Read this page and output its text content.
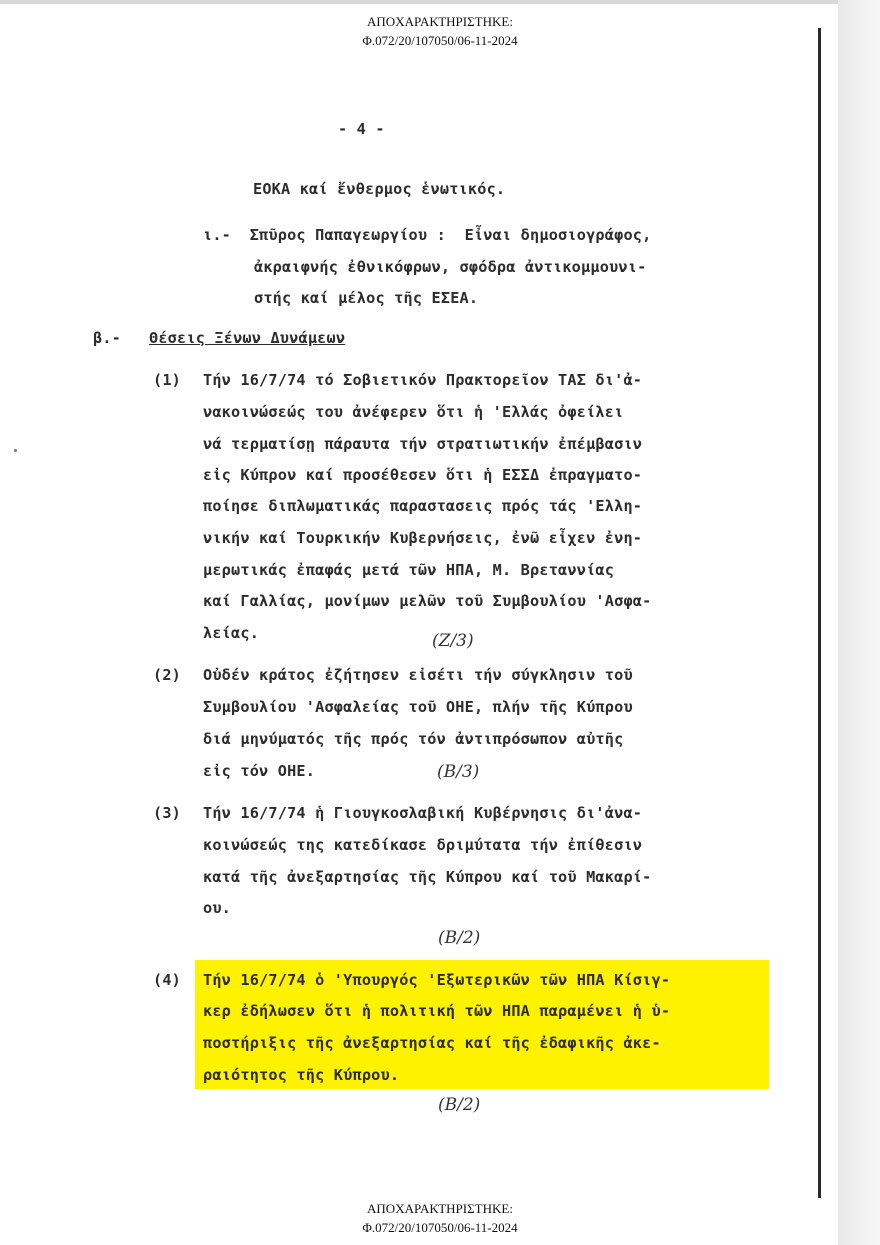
ΑΠΟΧΑΡΑΚΤΗΡΙΣΤΗΚΕ:
Φ.072/20/107050/06-11-2024
- 4 -
ΕΟΚΑ καί ἔνθερμος ἑνωτικός.
ι.- Σπῦρος Παπαγεωργίου :  Εἶναι δημοσιογράφος,
ἀκραιφνής ἐθνικόφρων, σφόδρα ἀντικομμουνι-
στής καί μέλος τῆς ΕΣΕΑ.
β.- Θέσεις Ξένων Δυνάμεων
(1) Τήν 16/7/74 τό Σοβιετικόν Πρακτορεῖον ΤΑΣ δι'ἀ-
νακοινώσεώς του ἀνέφερεν ὅτι ἡ 'Ελλάς ὀφείλει
νά τερματίσῃ πάραυτα τήν στρατιωτικήν ἐπέμβασιν
εἰς Κύπρον καί προσέθεσεν ὅτι ἡ ΕΣΣΔ ἐπραγματο-
ποίησε διπλωματικάς παραστασεις πρός τάς 'Ελλη-
νικήν καί Τουρκικήν Κυβερνήσεις, ἐνῶ εἶχεν ἐνη-
μερωτικάς ἐπαφάς μετά τῶν ΗΠΑ, Μ. Βρεταννίας
καί Γαλλίας, μονίμων μελῶν τοῦ Συμβουλίου 'Ασφα-
λείας.	(Ζ/3)
(2) Οὐδέν κράτος ἐζήτησεν εἰσέτι τήν σύγκλησιν τοῦ
Συμβουλίου 'Ασφαλείας τοῦ ΟΗΕ, πλήν τῆς Κύπρου
διά μηνύματός τῆς πρός τόν ἀντιπρόσωπον αὐτῆς
εἰς τόν ΟΗΕ.	(Β/3)
(3) Τήν 16/7/74 ἡ Γιουγκοσλαβική Κυβέρνησις δι'ἀνα-
κοινώσεώς της κατεδίκασε δριμύτατα τήν ἐπίθεσιν
κατά τῆς ἀνεξαρτησίας τῆς Κύπρου καί τοῦ Μακαρί-
ου.
(Β/2)
(4) Τήν 16/7/74 ὁ 'Υπουργός 'Εξωτερικῶν τῶν ΗΠΑ Κίσιγ-
κερ ἐδήλωσεν ὅτι ἡ πολιτική τῶν ΗΠΑ παραμένει ἡ ὑ-
ποστήριξις τῆς ἀνεξαρτησίας καί τῆς ἐδαφικῆς ἀκε-
ραιότητος τῆς Κύπρου.
(Β/2)
ΑΠΟΧΑΡΑΚΤΗΡΙΣΤΗΚΕ:
Φ.072/20/107050/06-11-2024
